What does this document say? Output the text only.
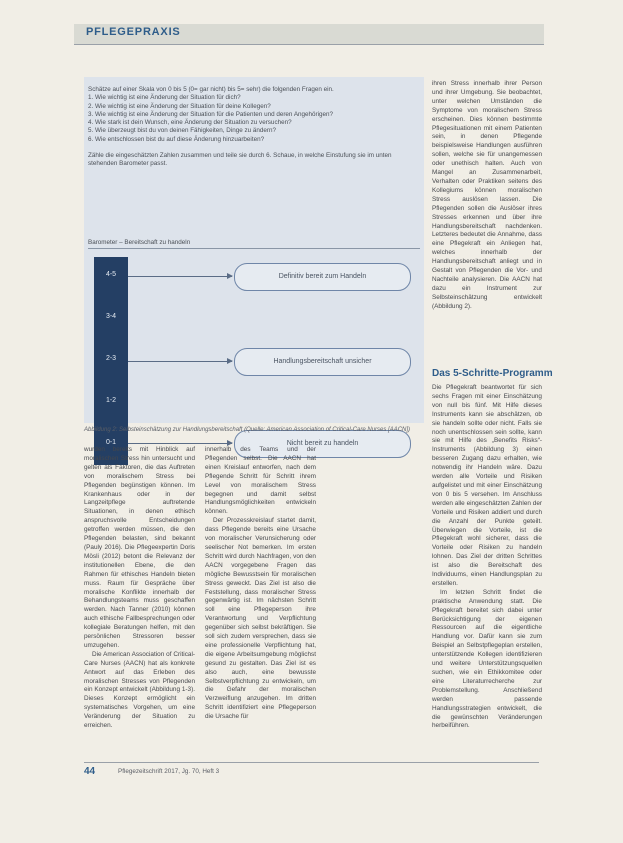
PFLEGEPRAXIS

Schätze auf einer Skala von 0 bis 5 (0= gar nicht) bis 5= sehr) die folgenden Fragen ein.

1. Wie wichtig ist eine Änderung der Situation für dich?

2. Wie wichtig ist eine Änderung der Situation für deine Kollegen?

3. Wie wichtig ist eine Änderung der Situation für die Patienten und deren Angehörigen?

4. Wie stark ist dein Wunsch, eine Änderung der Situation zu versuchen?

5. Wie überzeugt bist du von deinen Fähigkeiten, Dinge zu ändern?

6. Wie entschlossen bist du auf diese Änderung hinzuarbeiten?

Zähle die eingeschätzten Zahlen zusammen und teile sie durch 6. Schaue, in welche Einstufung sie im unten stehenden Barometer passt.

Barometer – Bereitschaft zu handeln
4-5
3-4
2-3
1-2
0-1
Definitiv bereit zum Handeln
Handlungsbereitschaft unsicher
Nicht bereit zu handeln
Abbildung 2: Selbsteinschätzung zur Handlungsbereitschaft (Quelle: American Association of Critical-Care Nurses [AACN])

wurden bereits mit Hinblick auf moralischen Stress hin untersucht und gelten als Faktoren, die das Auftreten von moralischem Stress bei Pflegenden begünstigen können. Im Krankenhaus oder in der Langzeitpflege auftretende Situationen, in denen ethisch anspruchsvolle Entscheidungen getroffen werden müssen, die den Pflegenden belasten, sind bekannt (Pauly 2016). Die Pflegeexpertin Doris Mösli (2012) betont die Relevanz der institutionellen Ebene, die den Rahmen für ethisches Handeln bieten muss. Raum für Gespräche über moralische Konflikte innerhalb der Behandlungsteams muss geschaffen werden. Nach Tanner (2010) können auch ethische Fallbesprechungen oder kollegiale Beratungen helfen, mit den persönlichen Stressoren besser umzugehen.

Die American Association of Critical-Care Nurses (AACN) hat als konkrete Antwort auf das Erleben des moralischen Stresses von Pflegenden ein Konzept entwickelt (Abbildung 1-3). Dieses Konzept ermöglicht ein systematisches Vorgehen, um eine Veränderung der Situation zu erreichen.

innerhalb des Teams und der Pflegenden selbst. Die AACN hat einen Kreislauf entworfen, nach dem Pflegende Schritt für Schritt ihrem Level von moralischem Stress begegnen und damit selbst Handlungsmöglichkeiten entwickeln können.

Der Prozesskreislauf startet damit, dass Pflegende bereits eine Ursache von moralischer Verunsicherung oder seelischer Not bemerken. Im ersten Schritt wird durch Nachfragen, von den AACN vorgegebene Fragen das mögliche Bewusstsein für moralischen Stress geweckt. Das Ziel ist also die Feststellung, dass moralischer Stress gegenwärtig ist. Im nächsten Schritt soll eine Pflegeperson ihre Verantwortung und Verpflichtung gegenüber sich selbst bekräftigen. Sie soll sich zudem versprechen, dass sie eine professionelle Verpflichtung hat, die eigene Arbeitsumgebung möglichst gesund zu gestalten. Das Ziel ist es also auch, eine bewusste Selbstverpflichtung zu entwickeln, um die Gefahr der moralischen Verzweiflung anzugehen. Im dritten Schritt identifiziert eine Pflegeperson die Ursache für

ihren Stress innerhalb ihrer Person und ihrer Umgebung. Sie beobachtet, unter welchen Umständen die Symptome von moralischem Stress erscheinen. Dies können bestimmte Pflegesituationen mit einem Patienten sein, in denen Pflegende beispielsweise Handlungen ausführen sollen, welche sie für unangemessen oder unethisch halten. Auch von Mangel an Zusammenarbeit, Verhalten oder Praktiken seitens des Kollegiums können moralischen Stress auslösen lassen. Die Pflegenden sollen die Auslöser ihres Stresses erkennen und über ihre Handlungsbereitschaft nachdenken. Letzteres bedeutet die Annahme, dass eine Pflegekraft ein Anliegen hat, welches innerhalb der Handlungsbereitschaft anliegt und in Gestalt von Pflegenden die Vor- und Nachteile analysieren. Die AACN hat dazu ein Instrument zur Selbsteinschätzung entwickelt (Abbildung 2).

Das 5-Schritte-Programm

Die Pflegekraft beantwortet für sich sechs Fragen mit einer Einschätzung von null bis fünf. Mit Hilfe dieses Instruments kann sie abschätzen, ob sie handeln sollte oder nicht. Falls sie noch unentschlossen sein sollte, kann sie mit Hilfe des „Benefits Risks“-Instruments (Abbildung 3) einen besseren Zugang dazu erhalten, wie notwendig ihr Handeln wäre. Dazu werden alle Vorteile und Risiken aufgelistet und mit einer Einschätzung von 0 bis 5 versehen. Im Anschluss werden alle eingeschätzten Zahlen der Vorteile und Risiken addiert und durch die Anzahl der Punkte geteilt. Überwiegen die Vorteile, ist die Pflegekraft wohl sicherer, dass die Vorteile oder Risiken zu handeln lohnen. Das Ziel der dritten Schrittes ist also die Bereitschaft des Individuums, einen Handlungsplan zu erstellen.

Im letzten Schritt findet die praktische Anwendung statt. Die Pflegekraft bereitet sich dabei unter Berücksichtigung der eigenen Ressourcen auf die eigentliche Handlung vor. Dafür kann sie zum Beispiel an Selbstpflegeplan erstellen, unterstützende Kollegen identifizieren und weitere Unterstützungsquellen suchen, wie ein Ethikkomitee oder eine Literaturrecherche zur Problemstellung. Anschließend werden passende Handlungsstrategien entwickelt, die die gewünschten Veränderungen herbeiführen.

44	Pflegezeitschrift 2017, Jg. 70, Heft 3
